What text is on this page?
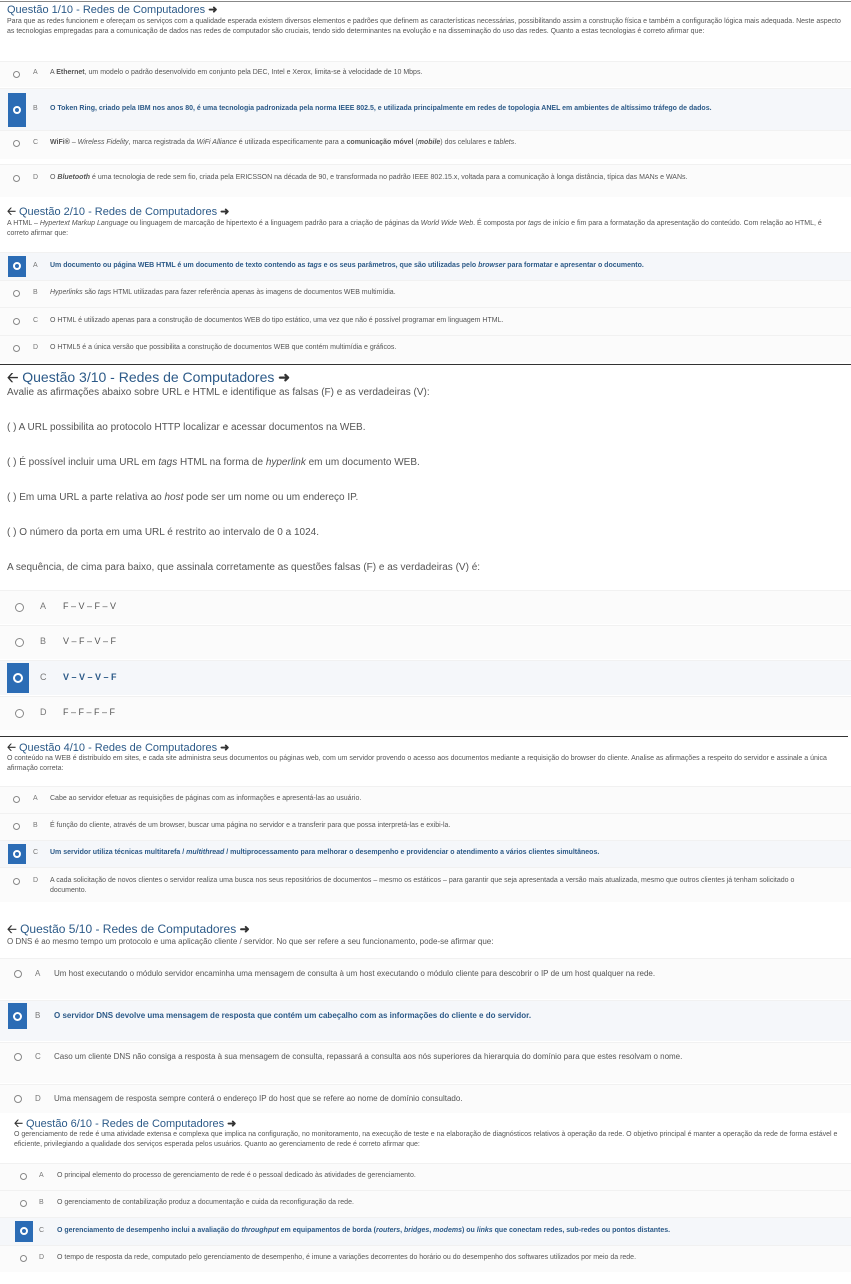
Questão 1/10 - Redes de Computadores ➜
Para que as redes funcionem e ofereçam os serviços com a qualidade esperada existem diversos elementos e padrões que definem as características necessárias, possibilitando assim a construção física e também a configuração lógica mais adequada. Neste aspecto as tecnologias empregadas para a comunicação de dados nas redes de computador são cruciais, tendo sido determinantes na evolução e na disseminação do uso das redes. Quanto a estas tecnologias é correto afirmar que:
A A Ethernet, um modelo o padrão desenvolvido em conjunto pela DEC, Intel e Xerox, limita-se à velocidade de 10 Mbps.
B O Token Ring, criado pela IBM nos anos 80, é uma tecnologia padronizada pela norma IEEE 802.5, e utilizada principalmente em redes de topologia ANEL em ambientes de altíssimo tráfego de dados.
C WiFi® – Wireless Fidelity, marca registrada da WiFi Alliance é utilizada especificamente para a comunicação móvel (mobile) dos celulares e tablets.
D O Bluetooth é uma tecnologia de rede sem fio, criada pela ERICSSON na década de 90, e transformada no padrão IEEE 802.15.x, voltada para a comunicação à longa distância, típica das MANs e WANs.
🡠 Questão 2/10 - Redes de Computadores ➜
A HTML – Hypertext Markup Language ou linguagem de marcação de hipertexto é a linguagem padrão para a criação de páginas da World Wide Web. É composta por tags de início e fim para a formatação da apresentação do conteúdo. Com relação ao HTML, é correto afirmar que:
A Um documento ou página WEB HTML é um documento de texto contendo as tags e os seus parâmetros, que são utilizadas pelo browser para formatar e apresentar o documento.
B Hyperlinks são tags HTML utilizadas para fazer referência apenas às imagens de documentos WEB multimídia.
C O HTML é utilizado apenas para a construção de documentos WEB do tipo estático, uma vez que não é possível programar em linguagem HTML.
D O HTML5 é a única versão que possibilita a construção de documentos WEB que contém multimídia e gráficos.
🡠 Questão 3/10 - Redes de Computadores ➜
Avalie as afirmações abaixo sobre URL e HTML e identifique as falsas (F) e as verdadeiras (V):
( ) A URL possibilita ao protocolo HTTP localizar e acessar documentos na WEB.
( ) É possível incluir uma URL em tags HTML na forma de hyperlink em um documento WEB.
( ) Em uma URL a parte relativa ao host pode ser um nome ou um endereço IP.
( ) O número da porta em uma URL é restrito ao intervalo de 0 a 1024.
A sequência, de cima para baixo, que assinala corretamente as questões falsas (F) e as verdadeiras (V) é:
A F – V – F – V
B V – F – V – F
C V – V – V – F
D F – F – F – F
🡠 Questão 4/10 - Redes de Computadores ➜
O conteúdo na WEB é distribuído em sites, e cada site administra seus documentos ou páginas web, com um servidor provendo o acesso aos documentos mediante a requisição do browser do cliente. Analise as afirmações a respeito do servidor e assinale a única afirmação correta:
A Cabe ao servidor efetuar as requisições de páginas com as informações e apresentá-las ao usuário.
B É função do cliente, através de um browser, buscar uma página no servidor e a transferir para que possa interpretá-las e exibi-la.
C Um servidor utiliza técnicas multitarefa / multithread / multiprocessamento para melhorar o desempenho e providenciar o atendimento a vários clientes simultâneos.
D A cada solicitação de novos clientes o servidor realiza uma busca nos seus repositórios de documentos – mesmo os estáticos – para garantir que seja apresentada a versão mais atualizada, mesmo que outros clientes já tenham solicitado o documento.
🡠 Questão 5/10 - Redes de Computadores ➜
O DNS é ao mesmo tempo um protocolo e uma aplicação cliente / servidor. No que ser refere a seu funcionamento, pode-se afirmar que:
A Um host executando o módulo servidor encaminha uma mensagem de consulta à um host executando o módulo cliente para descobrir o IP de um host qualquer na rede.
B O servidor DNS devolve uma mensagem de resposta que contém um cabeçalho com as informações do cliente e do servidor.
C Caso um cliente DNS não consiga a resposta à sua mensagem de consulta, repassará a consulta aos nós superiores da hierarquia do domínio para que estes resolvam o nome.
D Uma mensagem de resposta sempre conterá o endereço IP do host que se refere ao nome de domínio consultado.
🡠 Questão 6/10 - Redes de Computadores ➜
O gerenciamento de rede é uma atividade extensa e complexa que implica na configuração, no monitoramento, na execução de teste e na elaboração de diagnósticos relativos à operação da rede. O objetivo principal é manter a operação da rede de forma estável e eficiente, privilegiando a qualidade dos serviços esperada pelos usuários. Quanto ao gerenciamento de rede é correto afirmar que:
A O principal elemento do processo de gerenciamento de rede é o pessoal dedicado às atividades de gerenciamento.
B O gerenciamento de contabilização produz a documentação e cuida da reconfiguração da rede.
C O gerenciamento de desempenho inclui a avaliação do throughput em equipamentos de borda (routers, bridges, modems) ou links que conectam redes, sub-redes ou pontos distantes.
D O tempo de resposta da rede, computado pelo gerenciamento de desempenho, é imune a variações decorrentes do horário ou do desempenho dos softwares utilizados por meio da rede.
